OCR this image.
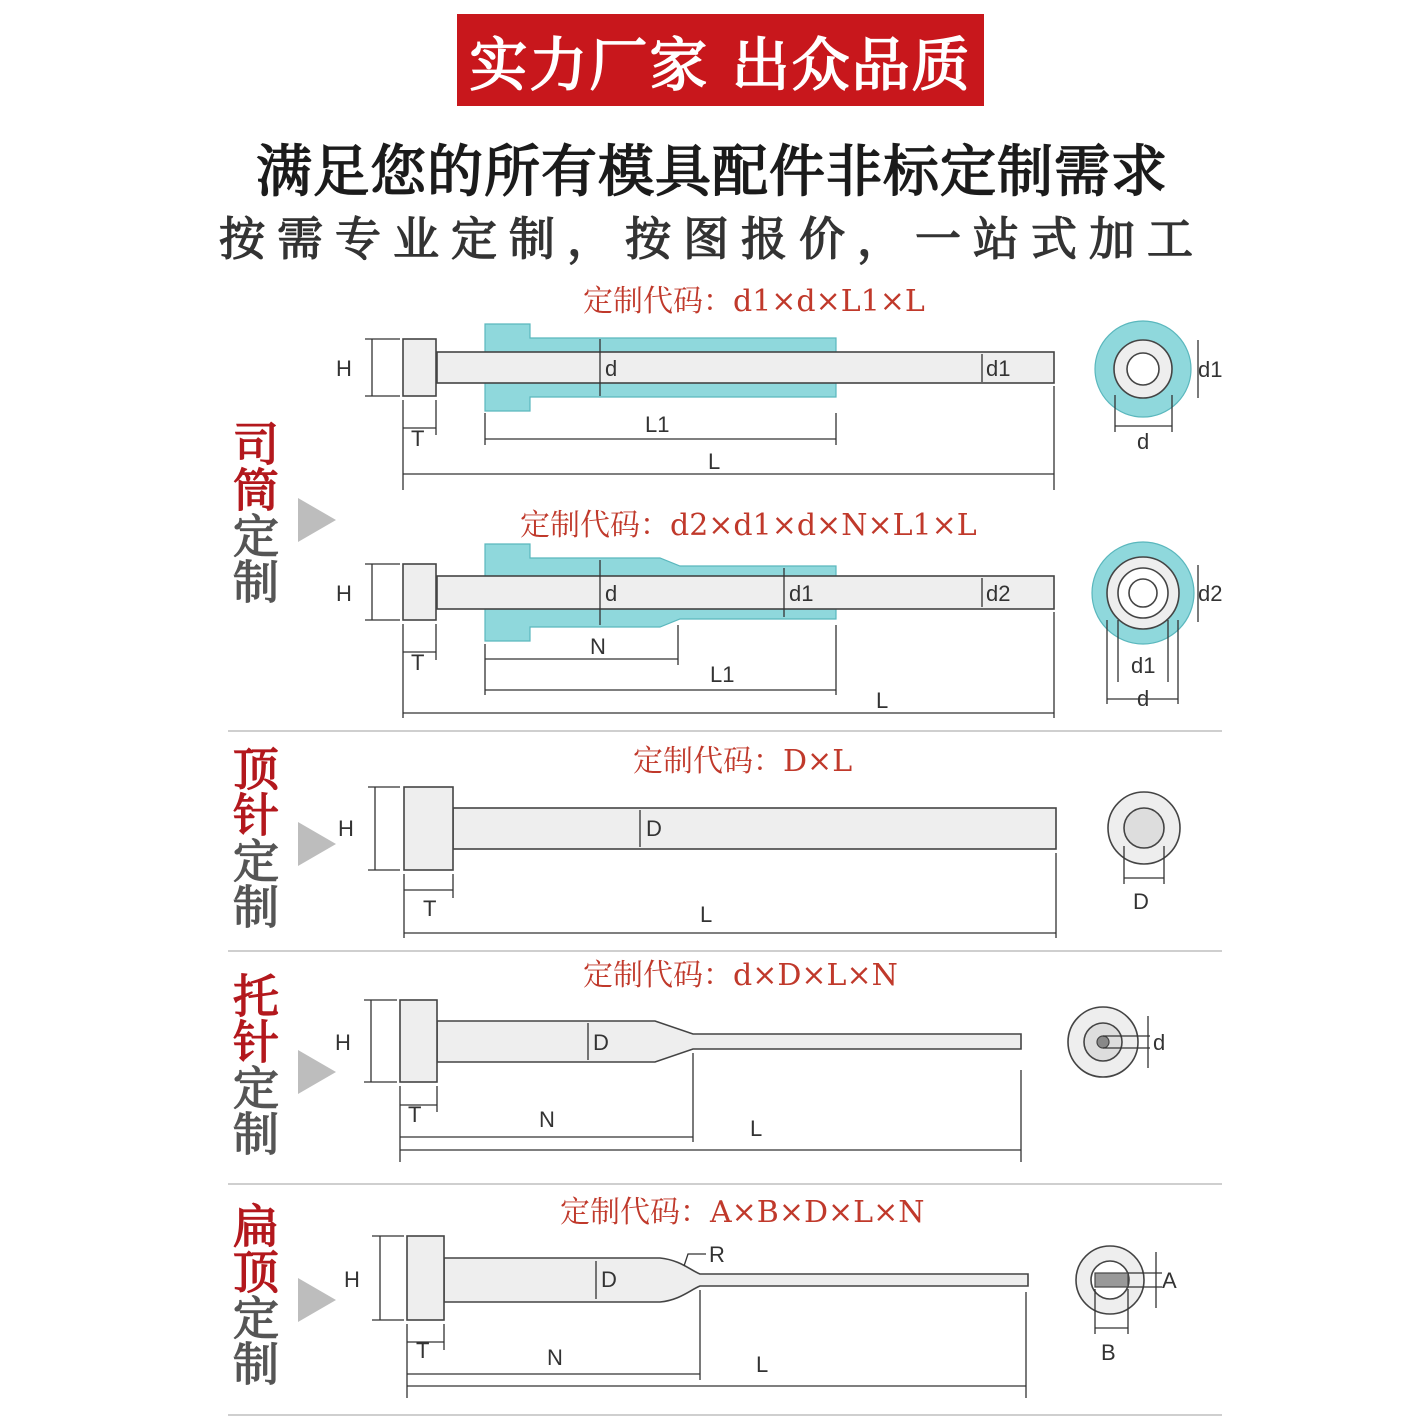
实力厂家 出众品质
满足您的所有模具配件非标定制需求
按需专业定制，按图报价，一站式加工
司筒
定制
顶针
定制
托针
定制
扁顶
定制
定制代码：d1×d×L1×L
定制代码：d2×d1×d×N×L1×L
定制代码：D×L
定制代码：d×D×L×N
定制代码：A×B×D×L×N
H	d	d1
T
L1
L
d1
d
H	d	d1	d2
T
N
L1
L
d2
d1
d
H	D
T	L
D
H	D
T	N	L
d
H	D
R
T	N	L
A
B
